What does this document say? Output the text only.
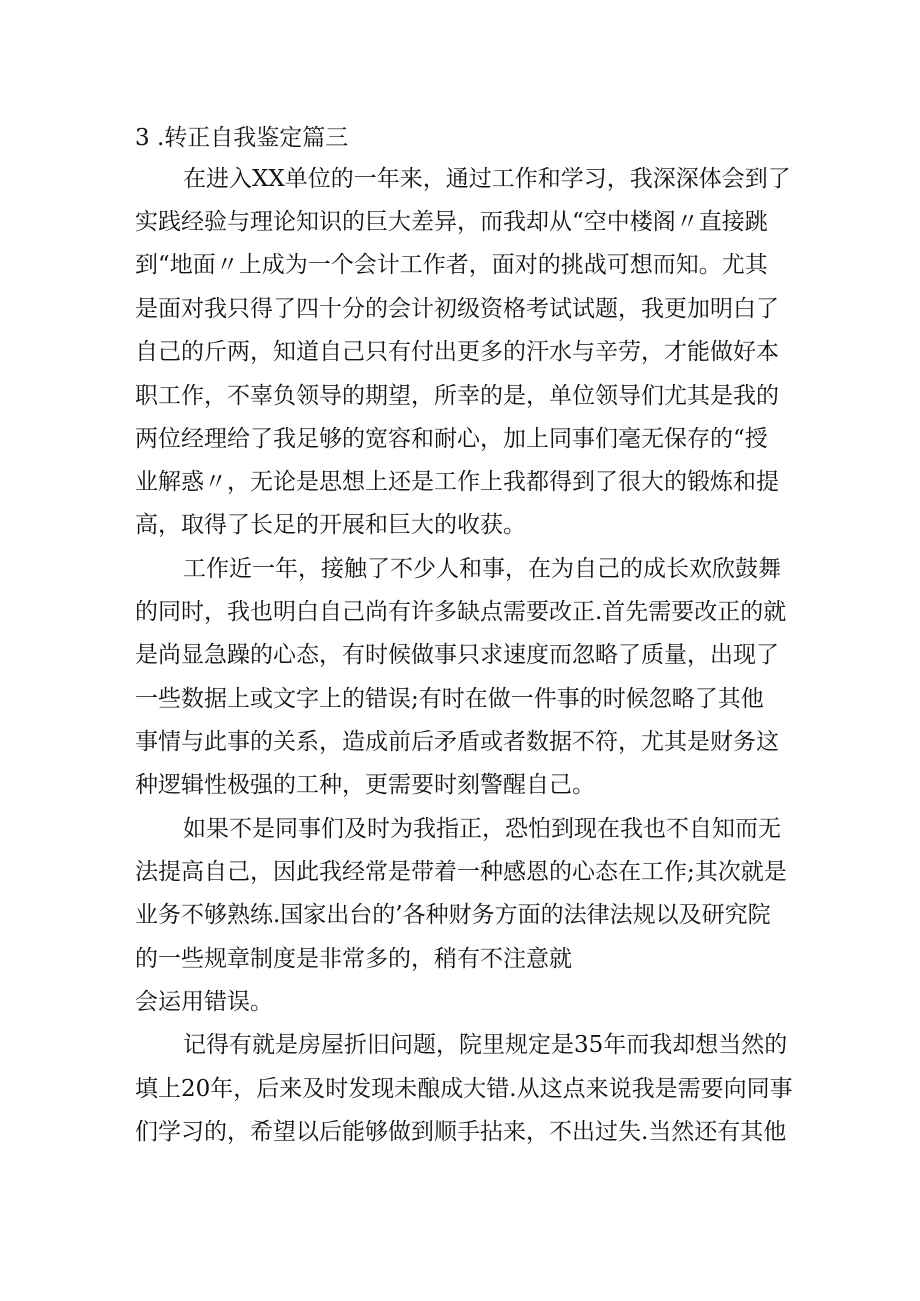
3 .转正自我鉴定篇三

在进入XX单位的一年来，通过工作和学习，我深深体会到了

实践经验与理论知识的巨大差异，而我却从“空中楼阁〃直接跳

到“地面〃上成为一个会计工作者，面对的挑战可想而知。尤其

是面对我只得了四十分的会计初级资格考试试题，我更加明白了

自己的斤两，知道自己只有付出更多的汗水与辛劳，才能做好本

职工作，不辜负领导的期望，所幸的是，单位领导们尤其是我的

两位经理给了我足够的宽容和耐心，加上同事们毫无保存的“授

业解惑〃，无论是思想上还是工作上我都得到了很大的锻炼和提

高，取得了长足的开展和巨大的收获。

工作近一年，接触了不少人和事，在为自己的成长欢欣鼓舞

的同时，我也明白自己尚有许多缺点需要改正.首先需要改正的就

是尚显急躁的心态，有时候做事只求速度而忽略了质量，出现了

一些数据上或文字上的错误;有时在做一件事的时候忽略了其他

事情与此事的关系，造成前后矛盾或者数据不符，尤其是财务这

种逻辑性极强的工种，更需要时刻警醒自己。

如果不是同事们及时为我指正，恐怕到现在我也不自知而无

法提高自己，因此我经常是带着一种感恩的心态在工作;其次就是

业务不够熟练.国家出台的’各种财务方面的法律法规以及研究院

的一些规章制度是非常多的，稍有不注意就

会运用错误。

记得有就是房屋折旧问题，院里规定是35年而我却想当然的

填上20年，后来及时发现未酿成大错.从这点来说我是需要向同事

们学习的，希望以后能够做到顺手拈来，不出过失.当然还有其他
